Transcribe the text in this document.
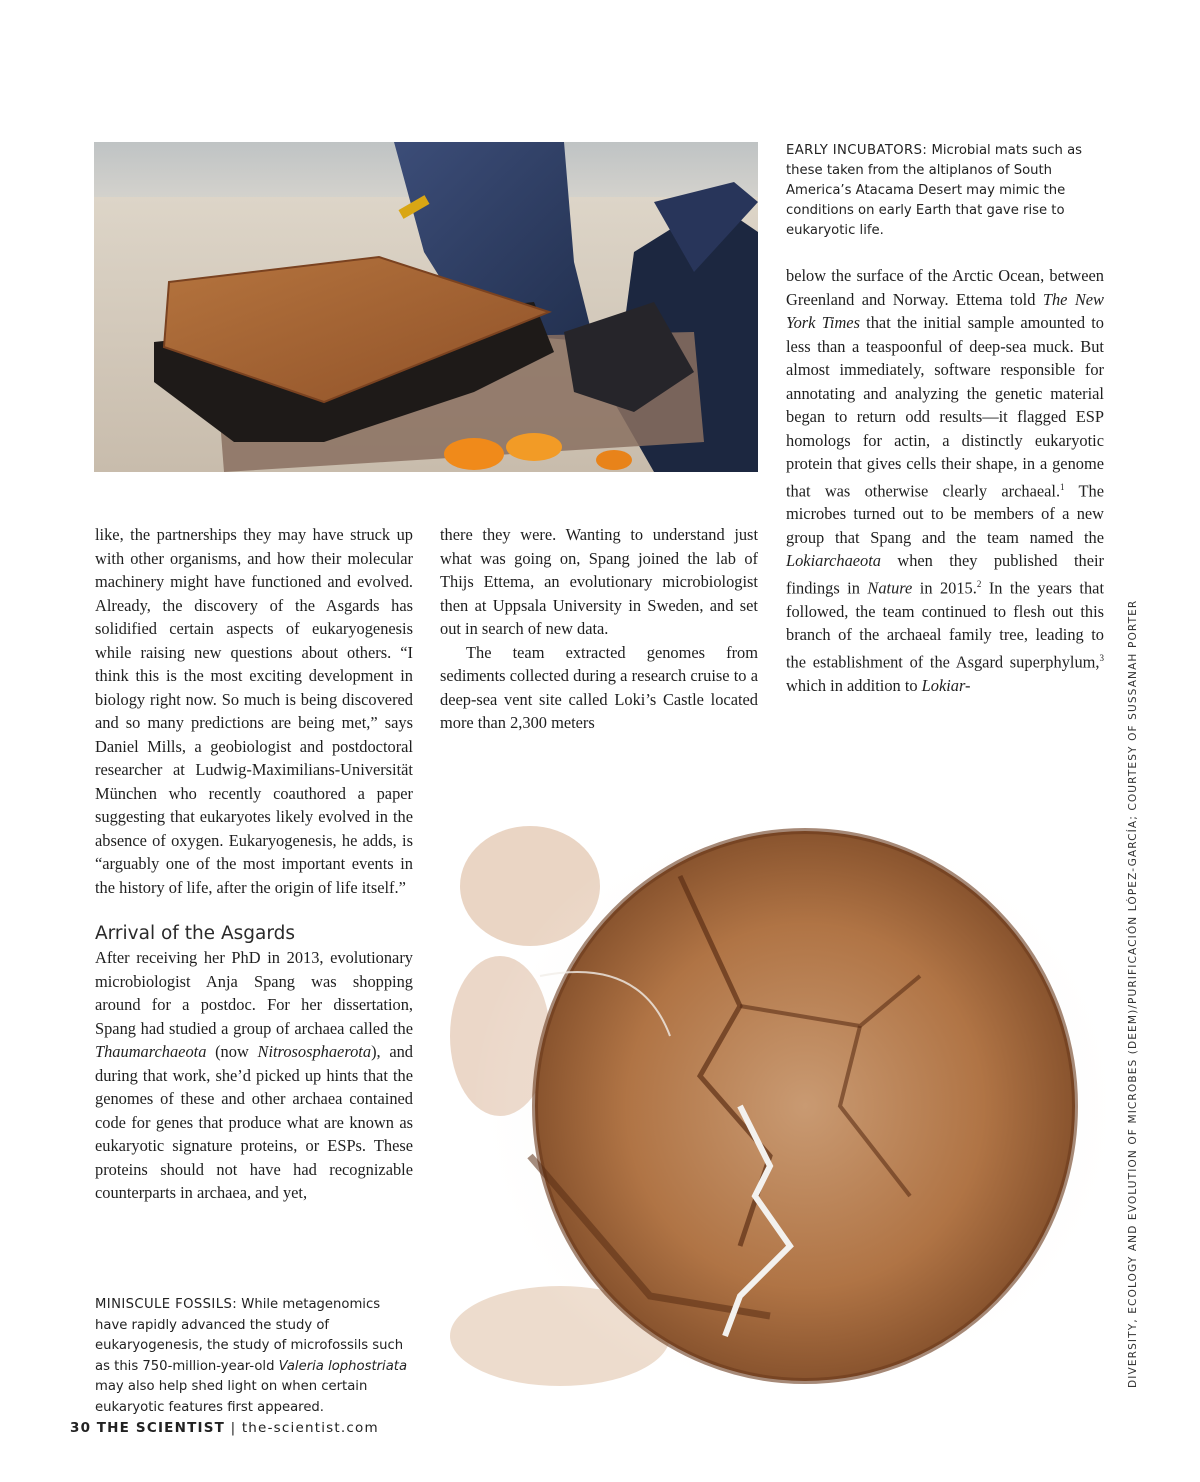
EARLY INCUBATORS: Microbial mats such as these taken from the altiplanos of South America’s Atacama Desert may mimic the conditions on early Earth that gave rise to eukaryotic life.

below the surface of the Arctic Ocean, between Greenland and Norway. Ettema told The New York Times that the initial sample amounted to less than a teaspoonful of deep-sea muck. But almost immediately, software responsible for annotating and analyzing the genetic material began to return odd results—it flagged ESP homologs for actin, a distinctly eukaryotic protein that gives cells their shape, in a genome that was otherwise clearly archaeal.$^1$ The microbes turned out to be members of a new group that Spang and the team named the Lokiarchaeota when they published their findings in Nature in 2015.$^2$ In the years that followed, the team continued to flesh out this branch of the archaeal family tree, leading to the establishment of the Asgard superphylum,$^3$ which in addition to Lokiar-

like, the partnerships they may have struck up with other organisms, and how their molecular machinery might have functioned and evolved. Already, the discovery of the Asgards has solidified certain aspects of eukaryogenesis while raising new questions about others. “I think this is the most exciting development in biology right now. So much is being discovered and so many predictions are being met,” says Daniel Mills, a geobiologist and postdoctoral researcher at Ludwig-Maximilians-Universität München who recently coauthored a paper suggesting that eukaryotes likely evolved in the absence of oxygen. Eukaryogenesis, he adds, is “arguably one of the most important events in the history of life, after the origin of life itself.”

Arrival of the Asgards

After receiving her PhD in 2013, evolutionary microbiologist Anja Spang was shopping around for a postdoc. For her dissertation, Spang had studied a group of archaea called the Thaumarchaeota (now Nitrososphaerota), and during that work, she’d picked up hints that the genomes of these and other archaea contained code for genes that produce what are known as eukaryotic signature proteins, or ESPs. These proteins should not have had recognizable counterparts in archaea, and yet,

there they were. Wanting to understand just what was going on, Spang joined the lab of Thijs Ettema, an evolutionary microbiologist then at Uppsala University in Sweden, and set out in search of new data.

The team extracted genomes from sediments collected during a research cruise to a deep-sea vent site called Loki’s Castle located more than 2,300 meters

MINISCULE FOSSILS: While metagenomics have rapidly advanced the study of eukaryogenesis, the study of microfossils such as this 750-million-year-old Valeria lophostriata may also help shed light on when certain eukaryotic features first appeared.
DIVERSITY, ECOLOGY AND EVOLUTION OF MICROBES (DEEM)/PURIFICACIÓN LÓPEZ-GARCÍA; COURTESY OF SUSSANAH PORTER
30 THE SCIENTIST | the-scientist.com
